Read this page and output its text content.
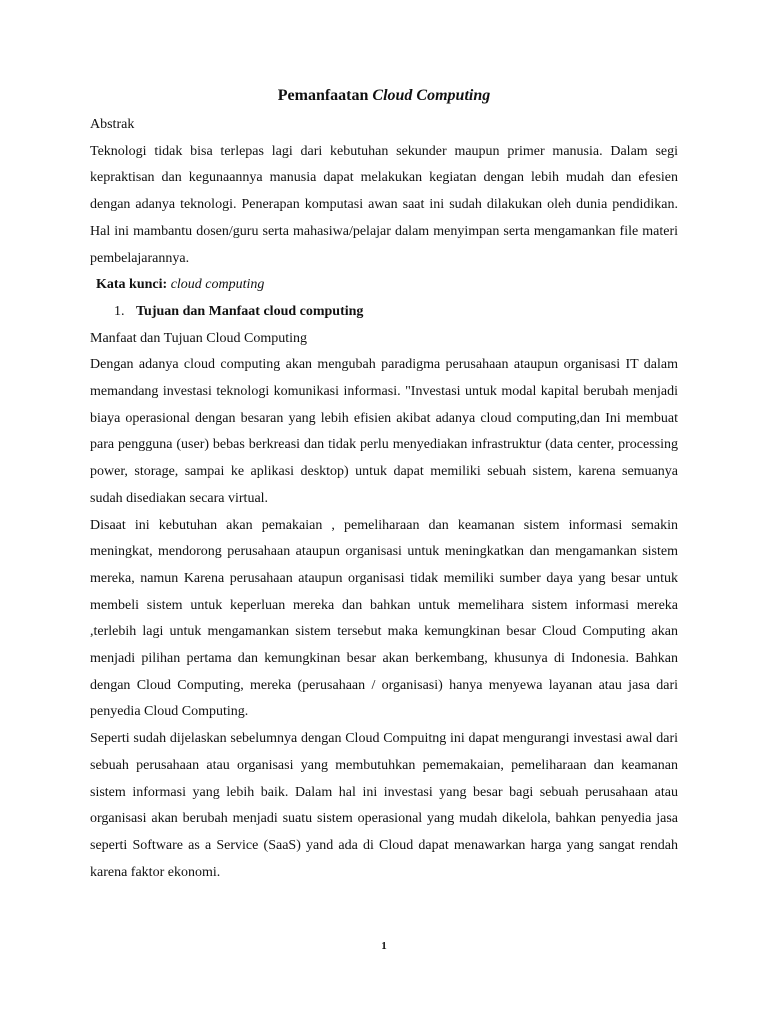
Pemanfaatan Cloud Computing

Abstrak

Teknologi tidak bisa terlepas lagi dari kebutuhan sekunder maupun primer manusia. Dalam segi kepraktisan dan kegunaannya manusia dapat melakukan kegiatan dengan lebih mudah dan efesien dengan adanya teknologi. Penerapan komputasi awan saat ini sudah dilakukan oleh dunia pendidikan. Hal ini mambantu dosen/guru serta mahasiwa/pelajar dalam menyimpan serta mengamankan file materi pembelajarannya.

Kata kunci: cloud computing

1. Tujuan dan Manfaat cloud computing

Manfaat dan Tujuan Cloud Computing

Dengan adanya cloud computing akan mengubah paradigma perusahaan ataupun organisasi IT dalam memandang investasi teknologi komunikasi informasi. "Investasi untuk modal kapital berubah menjadi biaya operasional dengan besaran yang lebih efisien akibat adanya cloud computing,dan Ini membuat para pengguna (user) bebas berkreasi dan tidak perlu menyediakan infrastruktur (data center, processing power, storage, sampai ke aplikasi desktop) untuk dapat memiliki sebuah sistem, karena semuanya sudah disediakan secara virtual.

Disaat ini kebutuhan akan pemakaian , pemeliharaan dan keamanan sistem informasi semakin meningkat, mendorong perusahaan ataupun organisasi untuk meningkatkan dan mengamankan sistem mereka, namun Karena perusahaan ataupun organisasi tidak memiliki sumber daya yang besar untuk membeli sistem untuk keperluan mereka dan bahkan untuk memelihara sistem informasi mereka ,terlebih lagi untuk mengamankan sistem tersebut maka kemungkinan besar Cloud Computing akan menjadi pilihan pertama dan kemungkinan besar akan berkembang, khusunya di Indonesia. Bahkan dengan Cloud Computing, mereka (perusahaan / organisasi) hanya menyewa layanan atau jasa dari penyedia Cloud Computing.

Seperti sudah dijelaskan sebelumnya dengan Cloud Compuitng ini dapat mengurangi investasi awal dari sebuah perusahaan atau organisasi yang membutuhkan pememakaian, pemeliharaan dan keamanan sistem informasi yang lebih baik. Dalam hal ini investasi yang besar bagi sebuah perusahaan atau organisasi akan berubah menjadi suatu sistem operasional yang mudah dikelola, bahkan penyedia jasa seperti Software as a Service (SaaS) yand ada di Cloud dapat menawarkan harga yang sangat rendah karena faktor ekonomi.

1
